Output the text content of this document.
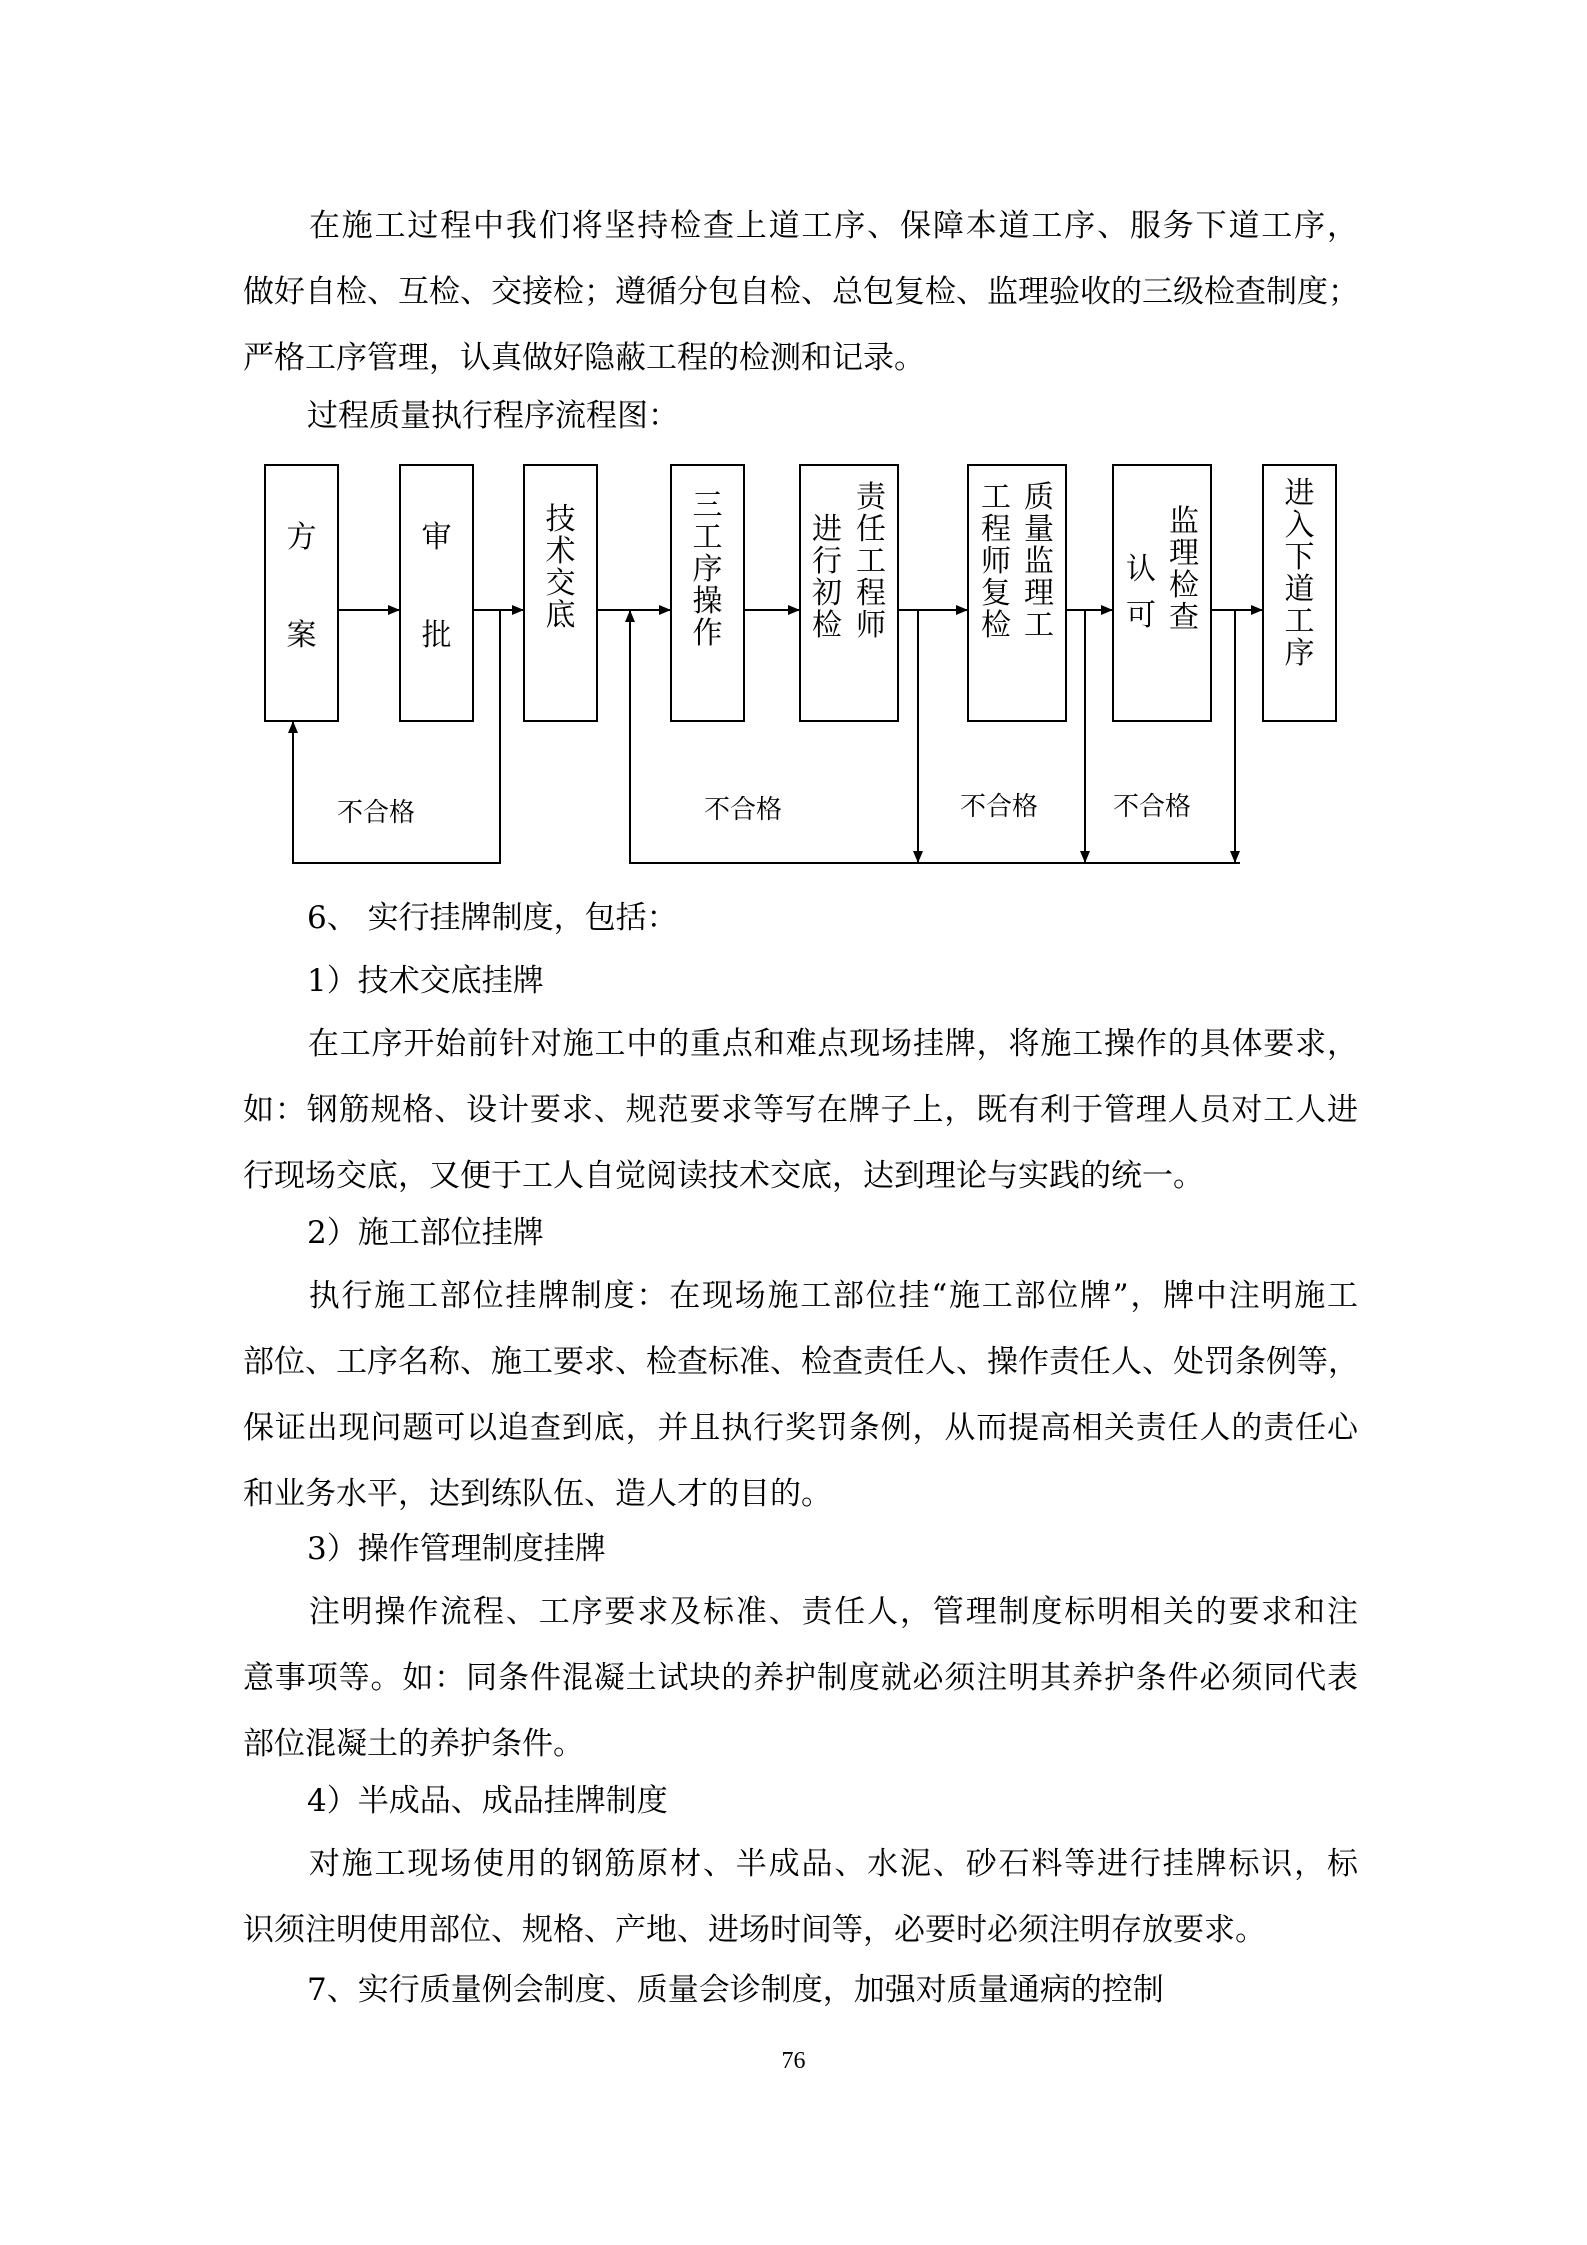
在施工过程中我们将坚持检查上道工序、保障本道工序、服务下道工序，
做好自检、互检、交接检；遵循分包自检、总包复检、监理验收的三级检查制度；
严格工序管理，认真做好隐蔽工程的检测和记录。

过程质量执行程序流程图：

方
案
审
批
技
术
交
底
三
工
序
操
作
责
任
工
程
师
进
行
初
检
质
量
监
理
工
工
程
师
复
检
监
理
检
查
认
可
进
入
下
道
工
序
不合格	不合格	不合格	不合格

6、 实行挂牌制度，包括：

1）技术交底挂牌

在工序开始前针对施工中的重点和难点现场挂牌，将施工操作的具体要求，
如：钢筋规格、设计要求、规范要求等写在牌子上，既有利于管理人员对工人进
行现场交底，又便于工人自觉阅读技术交底，达到理论与实践的统一。

2）施工部位挂牌

执行施工部位挂牌制度：在现场施工部位挂“施工部位牌”，牌中注明施工
部位、工序名称、施工要求、检查标准、检查责任人、操作责任人、处罚条例等，
保证出现问题可以追查到底，并且执行奖罚条例，从而提高相关责任人的责任心
和业务水平，达到练队伍、造人才的目的。

3）操作管理制度挂牌

注明操作流程、工序要求及标准、责任人，管理制度标明相关的要求和注
意事项等。如：同条件混凝土试块的养护制度就必须注明其养护条件必须同代表
部位混凝土的养护条件。

4）半成品、成品挂牌制度

对施工现场使用的钢筋原材、半成品、水泥、砂石料等进行挂牌标识，标
识须注明使用部位、规格、产地、进场时间等，必要时必须注明存放要求。

7、实行质量例会制度、质量会诊制度，加强对质量通病的控制

76
